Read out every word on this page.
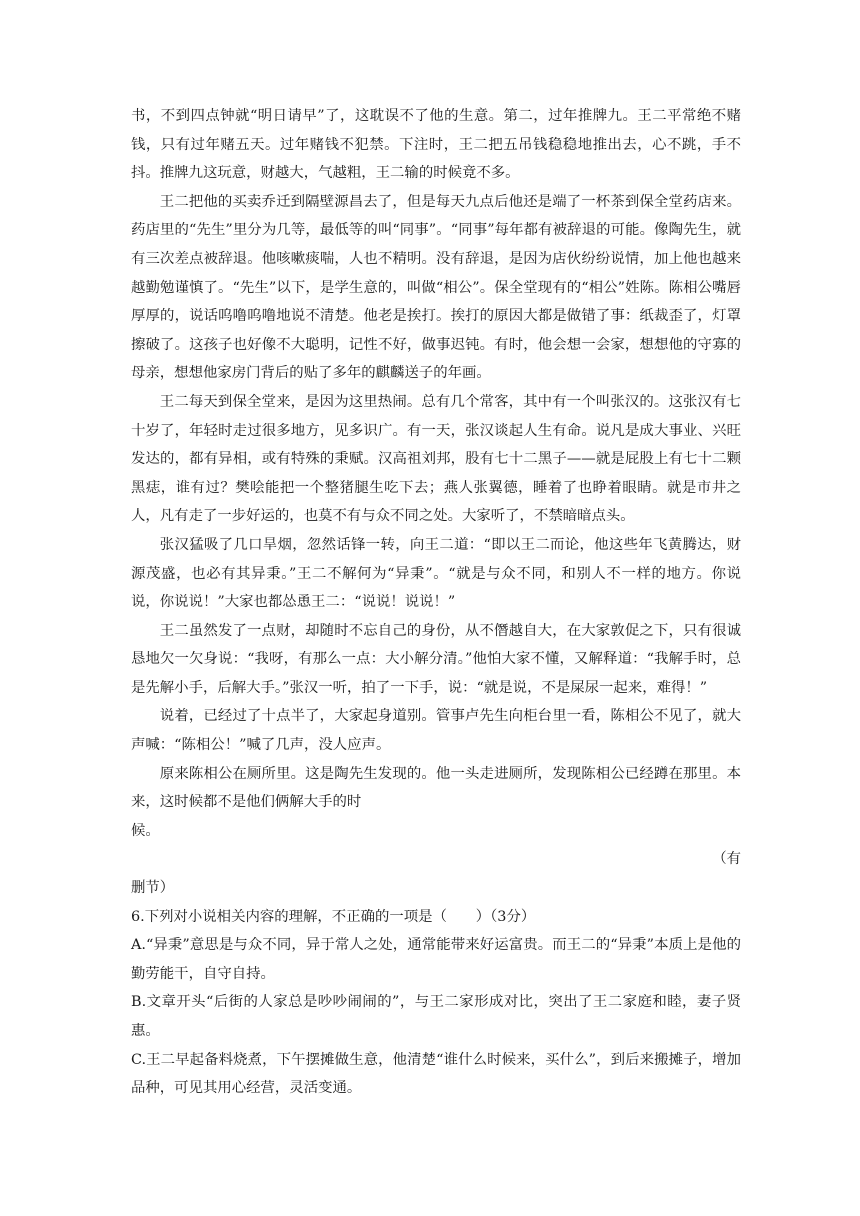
书，不到四点钟就“明日请早”了，这耽误不了他的生意。第二，过年推牌九。王二平常绝不赌钱，只有过年赌五天。过年赌钱不犯禁。下注时，王二把五吊钱稳稳地推出去，心不跳，手不抖。推牌九这玩意，财越大，气越粗，王二输的时候竟不多。

王二把他的买卖乔迁到隔壁源昌去了，但是每天九点后他还是端了一杯茶到保全堂药店来。药店里的“先生”里分为几等，最低等的叫“同事”。“同事”每年都有被辞退的可能。像陶先生，就有三次差点被辞退。他咳嗽痰喘，人也不精明。没有辞退，是因为店伙纷纷说情，加上他也越来越勤勉谨慎了。“先生”以下，是学生意的，叫做“相公”。保全堂现有的“相公”姓陈。陈相公嘴唇厚厚的，说话呜噜呜噜地说不清楚。他老是挨打。挨打的原因大都是做错了事：纸裁歪了，灯罩擦破了。这孩子也好像不大聪明，记性不好，做事迟钝。有时，他会想一会家，想想他的守寡的母亲，想想他家房门背后的贴了多年的麒麟送子的年画。

王二每天到保全堂来，是因为这里热闹。总有几个常客，其中有一个叫张汉的。这张汉有七十岁了，年轻时走过很多地方，见多识广。有一天，张汉谈起人生有命。说凡是成大事业、兴旺发达的，都有异相，或有特殊的秉赋。汉高祖刘邦，股有七十二黑子——就是屁股上有七十二颗黑痣，谁有过？樊哙能把一个整猪腿生吃下去；燕人张翼德，睡着了也睁着眼睛。就是市井之人，凡有走了一步好运的，也莫不有与众不同之处。大家听了，不禁暗暗点头。

张汉猛吸了几口旱烟，忽然话锋一转，向王二道：“即以王二而论，他这些年飞黄腾达，财源茂盛，也必有其异秉。”王二不解何为“异秉”。“就是与众不同，和别人不一样的地方。你说说，你说说！”大家也都怂恿王二：“说说！说说！”

王二虽然发了一点财，却随时不忘自己的身份，从不僭越自大，在大家敦促之下，只有很诚恳地欠一欠身说：“我呀，有那么一点：大小解分清。”他怕大家不懂，又解释道：“我解手时，总是先解小手，后解大手。”张汉一听，拍了一下手，说：“就是说，不是屎尿一起来，难得！”

说着，已经过了十点半了，大家起身道别。管事卢先生向柜台里一看，陈相公不见了，就大声喊：“陈相公！”喊了几声，没人应声。

原来陈相公在厕所里。这是陶先生发现的。他一头走进厕所，发现陈相公已经蹲在那里。本来，这时候都不是他们俩解大手的时

候。

（有

删节）

6.下列对小说相关内容的理解，不正确的一项是（　　）（3分）

A.“异秉”意思是与众不同，异于常人之处，通常能带来好运富贵。而王二的“异秉”本质上是他的勤劳能干，自守自持。

B.文章开头“后街的人家总是吵吵闹闹的”，与王二家形成对比，突出了王二家庭和睦，妻子贤惠。

C.王二早起备料烧煮，下午摆摊做生意，他清楚“谁什么时候来，买什么”，到后来搬摊子，增加品种，可见其用心经营，灵活变通。
